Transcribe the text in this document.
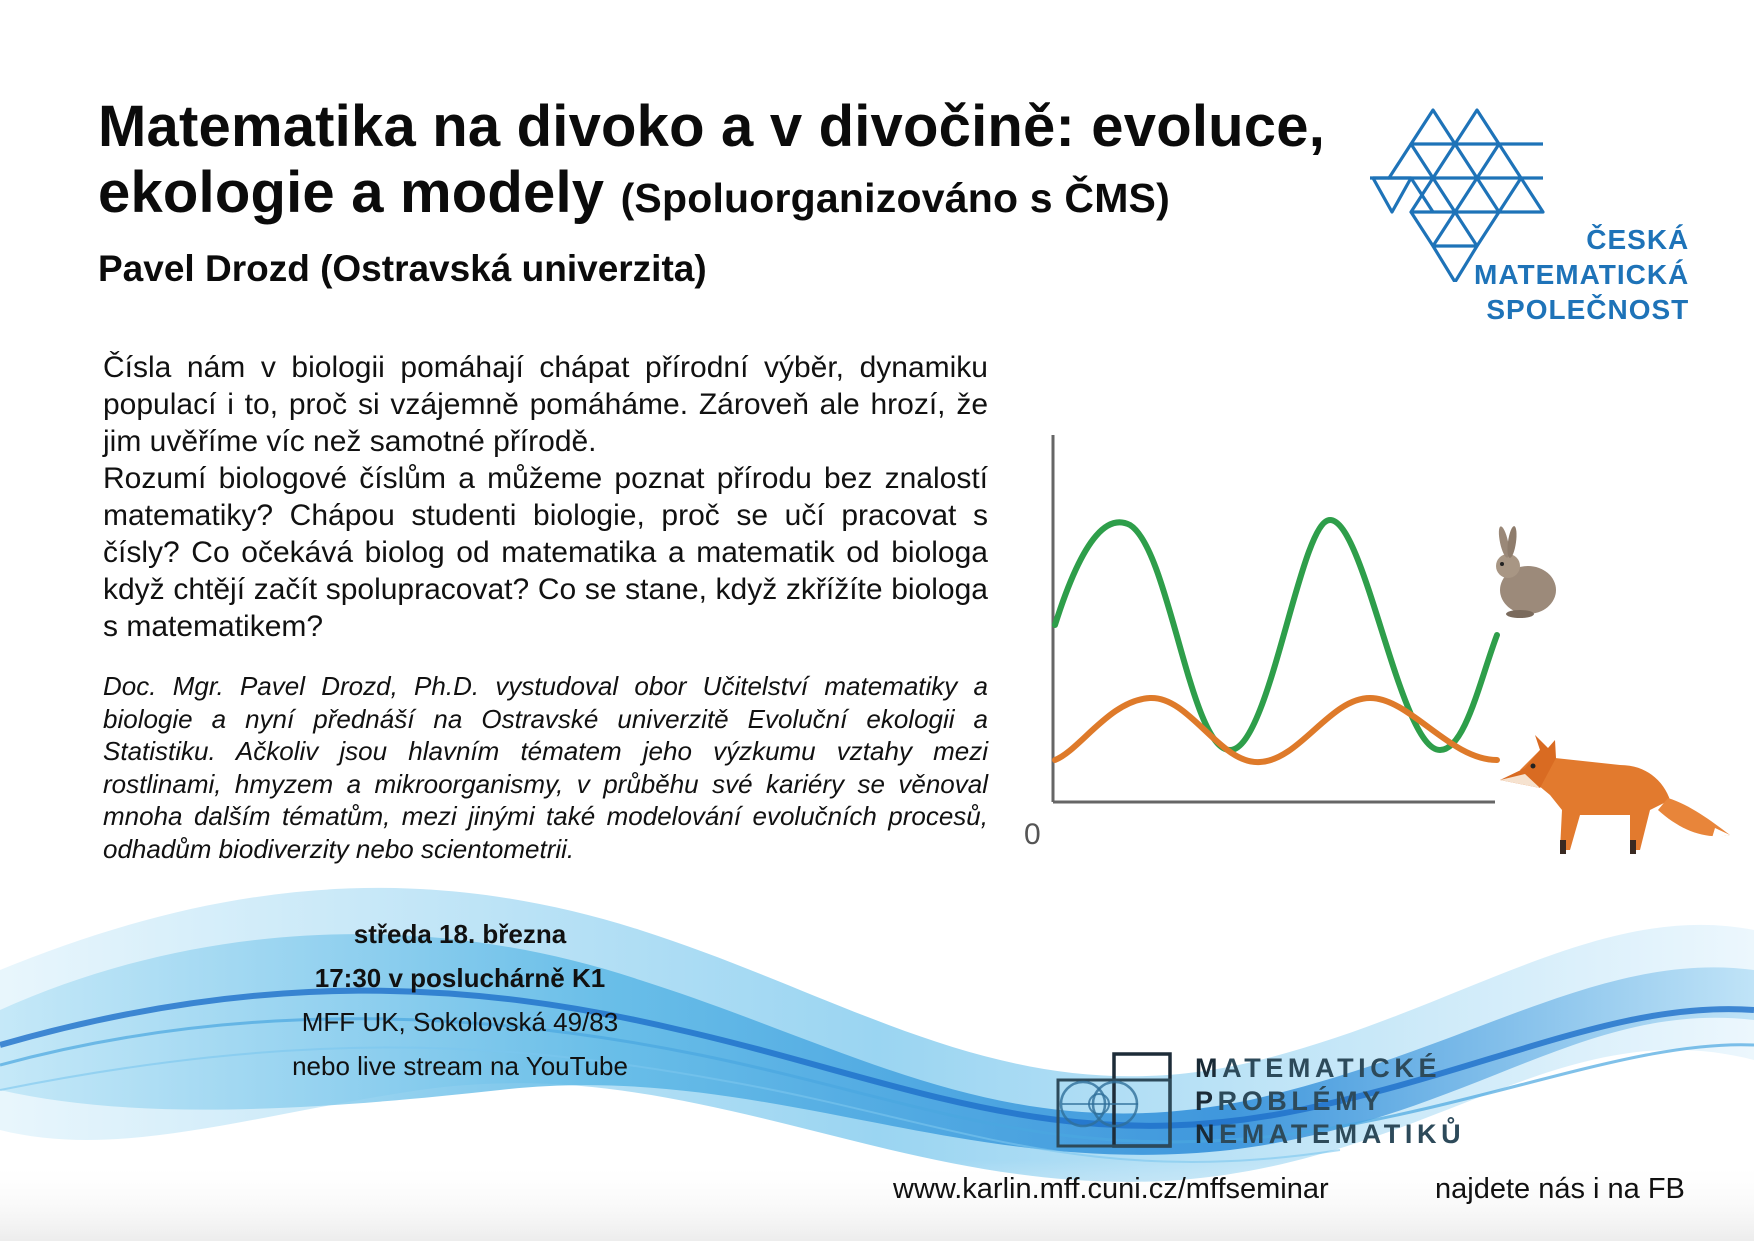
Matematika na divoko a v divočině: evoluce, ekologie a modely (Spoluorganizováno s ČMS)
Pavel Drozd (Ostravská univerzita)
ČESKÁ
MATEMATICKÁ
SPOLEČNOST

Čísla nám v biologii pomáhají chápat přírodní výběr, dynamiku populací i to, proč si vzájemně pomáháme. Zároveň ale hrozí, že jim uvěříme víc než samotné přírodě.

Rozumí biologové číslům a můžeme poznat přírodu bez znalostí matematiky? Chápou studenti biologie, proč se učí pracovat s čísly? Co očekává biolog od matematika a matematik od biologa když chtějí začít spolupracovat? Co se stane, když zkřížíte biologa s matematikem?

Doc. Mgr. Pavel Drozd, Ph.D. vystudoval obor Učitelství matematiky a biologie a nyní přednáší na Ostravské univerzitě Evoluční ekologii a Statistiku. Ačkoliv jsou hlavním tématem jeho výzkumu vztahy mezi rostlinami, hmyzem a mikroorganismy, v průběhu své kariéry se věnoval mnoha dalším tématům, mezi jinými také modelování evolučních procesů, odhadům biodiverzity nebo scientometrii.	0
středa 18. března
17:30 v posluchárně K1
MFF UK, Sokolovská 49/83
nebo live stream na YouTube	MATEMATICKÉ
PROBLÉMY
NEMATEMATIKŮ
www.karlin.mff.cuni.cz/mffseminar	najdete nás i na FB
